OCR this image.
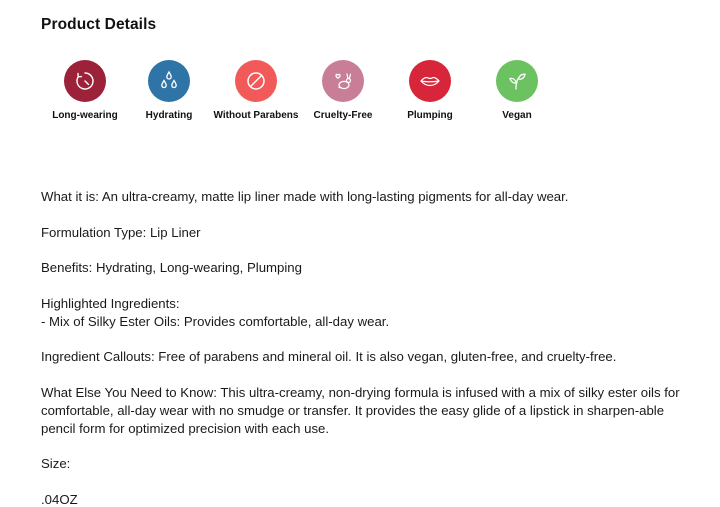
Product Details
Long-wearing	Hydrating	Without Parabens	Cruelty-Free	Plumping	Vegan

What it is: An ultra-creamy, matte lip liner made with long-lasting pigments for all-day wear.

Formulation Type: Lip Liner

Benefits: Hydrating, Long-wearing, Plumping

Highlighted Ingredients:
- Mix of Silky Ester Oils: Provides comfortable, all-day wear.

Ingredient Callouts: Free of parabens and mineral oil. It is also vegan, gluten-free, and cruelty-free.

What Else You Need to Know: This ultra-creamy, non-drying formula is infused with a mix of silky ester oils for comfortable, all-day wear with no smudge or transfer. It provides the easy glide of a lipstick in sharpen-able pencil form for optimized precision with each use.

Size:

.04OZ
